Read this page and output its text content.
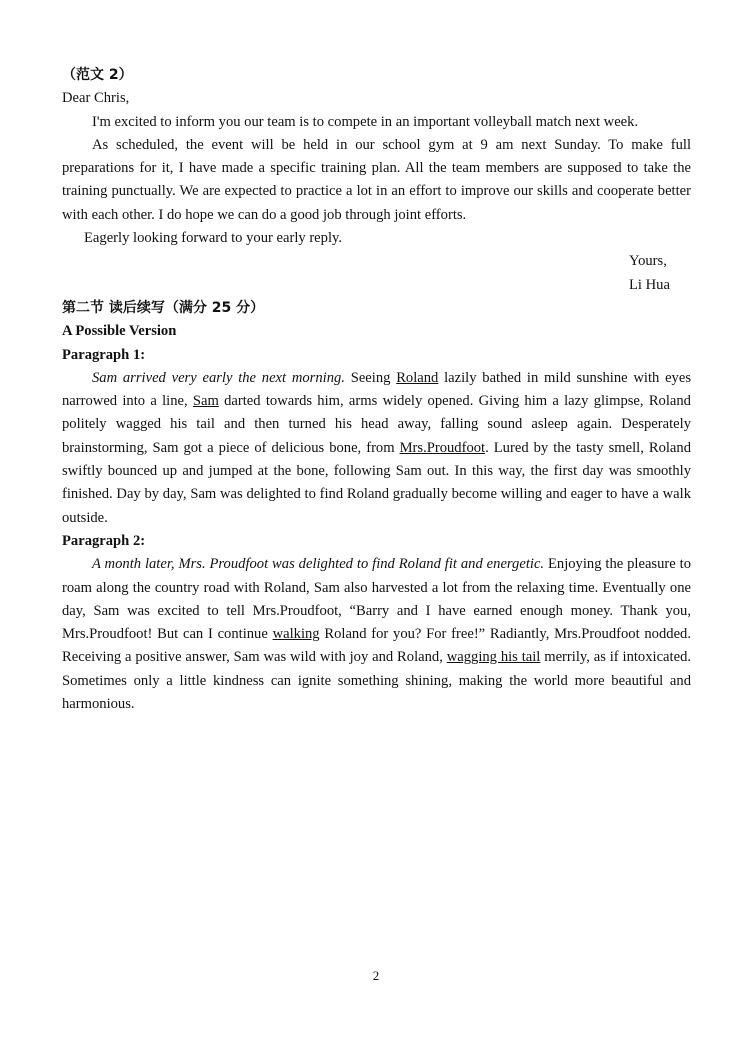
（范文 2）

Dear Chris,

I'm excited to inform you our team is to compete in an important volleyball match next week.

As scheduled, the event will be held in our school gym at 9 am next Sunday. To make full preparations for it, I have made a specific training plan. All the team members are supposed to take the training punctually. We are expected to practice a lot in an effort to improve our skills and cooperate better with each other. I do hope we can do a good job through joint efforts.

Eagerly looking forward to your early reply.

Yours,

Li Hua

第二节 读后续写（满分 25 分）

A Possible Version

Paragraph 1:

Sam arrived very early the next morning. Seeing Roland lazily bathed in mild sunshine with eyes narrowed into a line, Sam darted towards him, arms widely opened. Giving him a lazy glimpse, Roland politely wagged his tail and then turned his head away, falling sound asleep again. Desperately brainstorming, Sam got a piece of delicious bone, from Mrs.Proudfoot. Lured by the tasty smell, Roland swiftly bounced up and jumped at the bone, following Sam out. In this way, the first day was smoothly finished. Day by day, Sam was delighted to find Roland gradually become willing and eager to have a walk outside.

Paragraph 2:

A month later, Mrs. Proudfoot was delighted to find Roland fit and energetic. Enjoying the pleasure to roam along the country road with Roland, Sam also harvested a lot from the relaxing time. Eventually one day, Sam was excited to tell Mrs.Proudfoot, “Barry and I have earned enough money. Thank you, Mrs.Proudfoot! But can I continue walking Roland for you? For free!” Radiantly, Mrs.Proudfoot nodded. Receiving a positive answer, Sam was wild with joy and Roland, wagging his tail merrily, as if intoxicated. Sometimes only a little kindness can ignite something shining, making the world more beautiful and harmonious.

2
